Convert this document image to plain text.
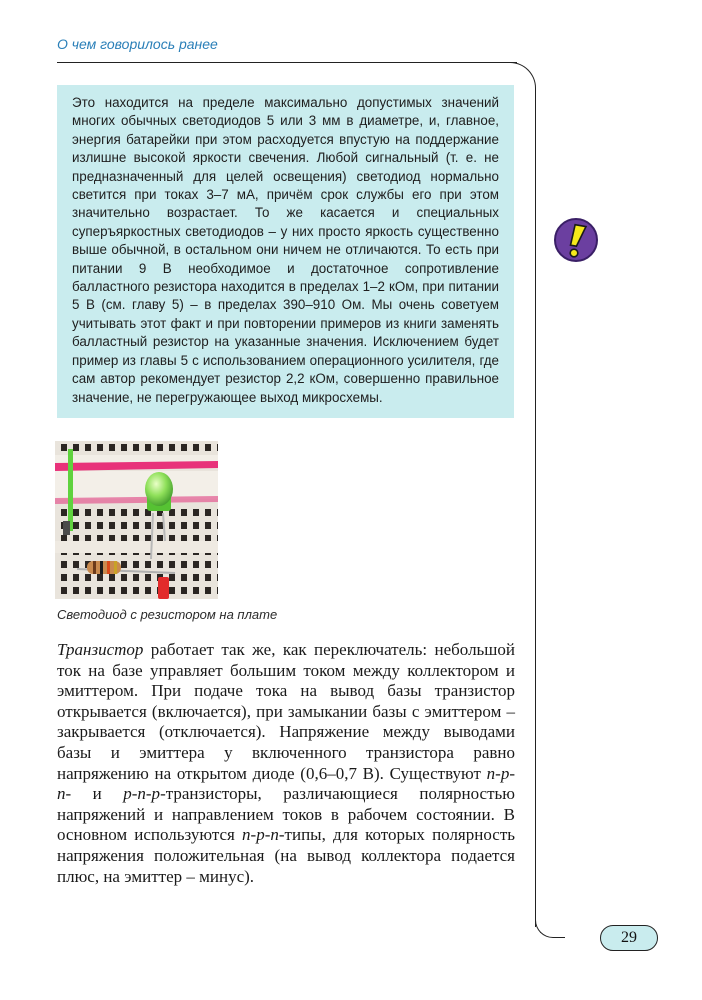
О чем говорилось ранее

Это находится на пределе максимально допустимых значений многих обычных светодиодов 5 или 3 мм в диаметре, и, главное, энергия батарейки при этом расходуется впустую на поддержание излишне высокой яркости свечения. Любой сигнальный (т. е. не предназначенный для целей освещения) светодиод нормально светится при токах 3–7 мА, причём срок службы его при этом значительно возрастает. То же касается и специальных суперъяркостных светодиодов – у них просто яркость существенно выше обычной, в остальном они ничем не отличаются. То есть при питании 9 В необходимое и достаточное сопротивление балластного резистора находится в пределах 1–2 кОм, при питании 5 В (см. главу 5) – в пределах 390–910 Ом. Мы очень советуем учитывать этот факт и при повторении примеров из книги заменять балластный резистор на указанные значения. Исключением будет пример из главы 5 с использованием операционного усилителя, где сам автор рекомендует резистор 2,2 кОм, совершенно правильное значение, не перегружающее выход микросхемы.

Светодиод с резистором на плате

Транзистор работает так же, как переключатель: небольшой ток на базе управляет большим током между коллектором и эмиттером. При подаче тока на вывод базы транзистор открывается (включается), при замыкании базы с эмиттером – закрывается (отключается). Напряжение между выводами базы и эмиттера у включенного транзистора равно напряжению на открытом диоде (0,6–0,7 В). Существуют n-p-n- и p-n-p-транзисторы, различающиеся полярностью напряжений и направлением токов в рабочем состоянии. В основном используются n-p-n-типы, для которых полярность напряжения положительная (на вывод коллектора подается плюс, на эмиттер – минус).

29
